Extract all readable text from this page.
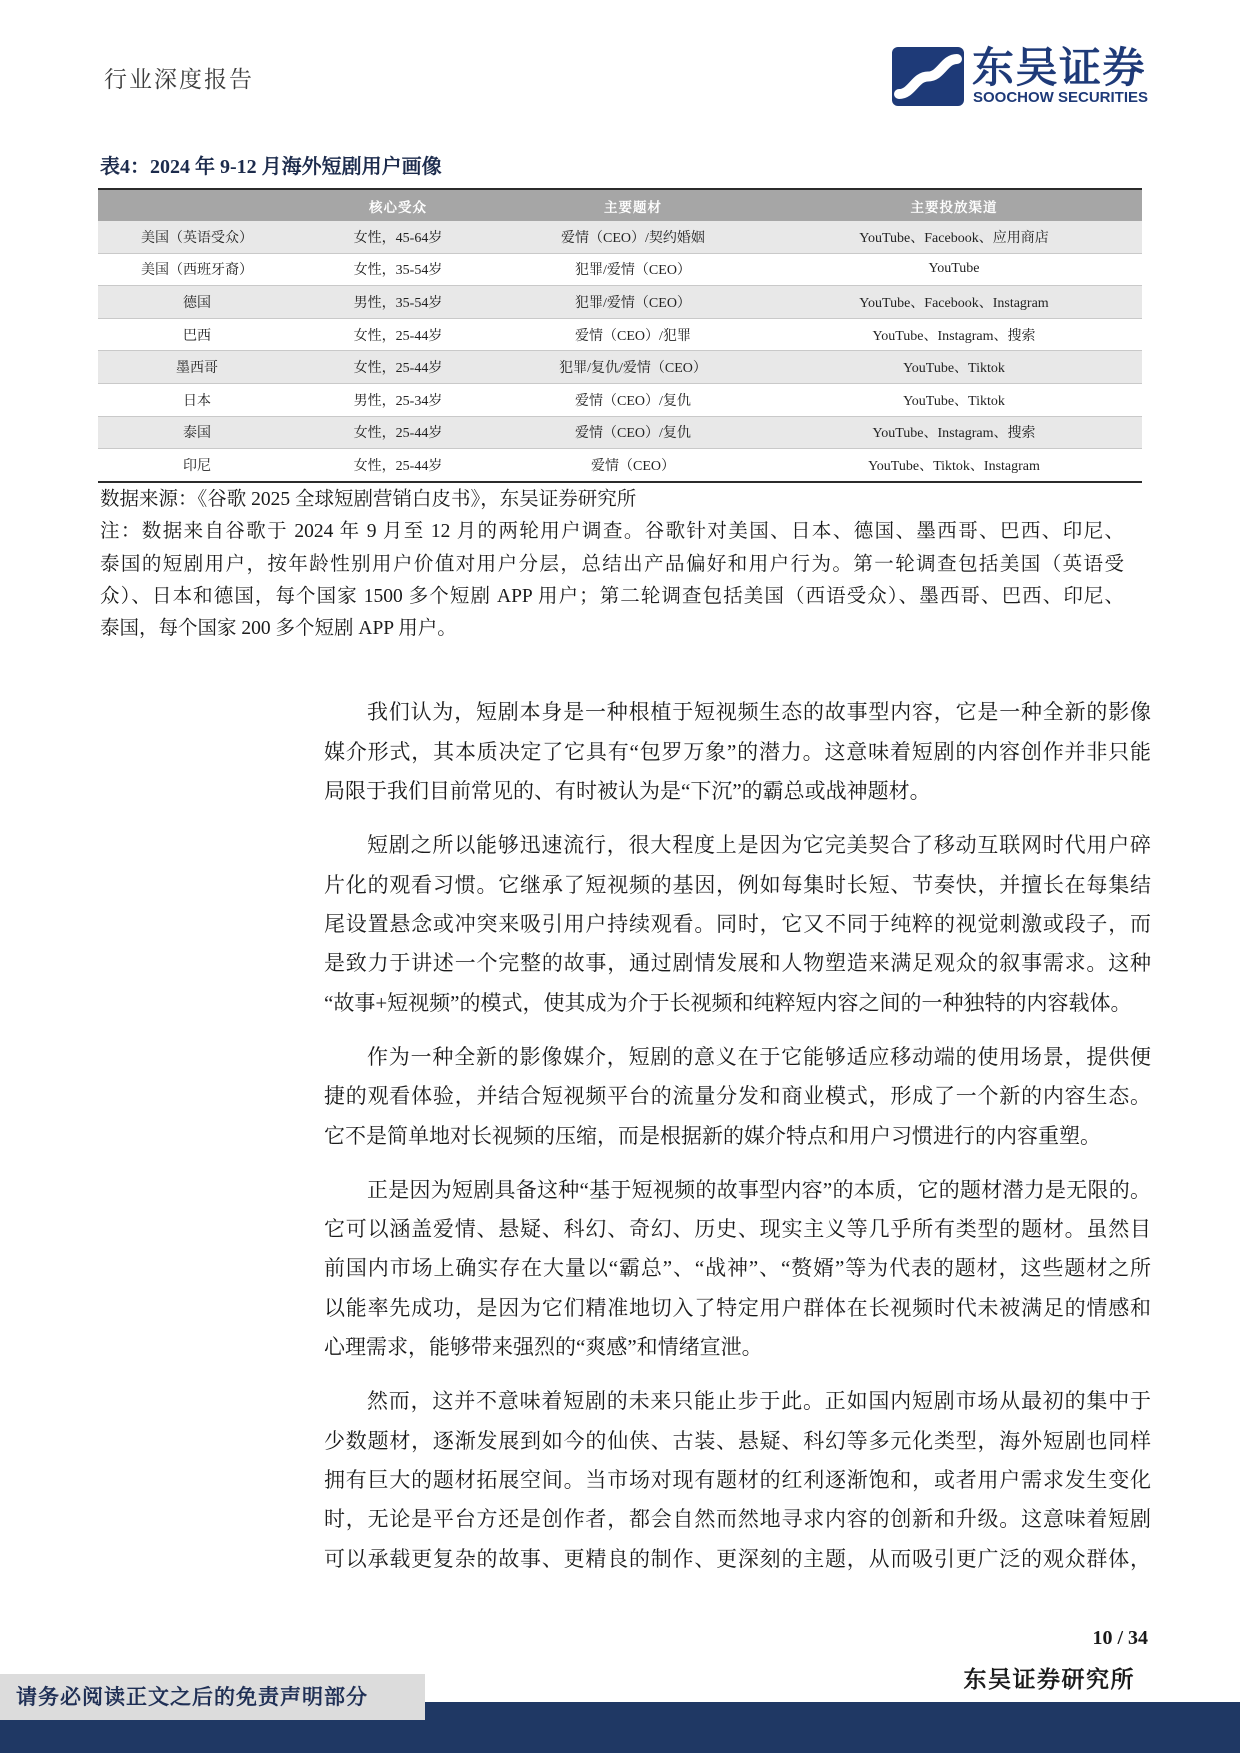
行业深度报告	东吴证券
SOOCHOW SECURITIES
表4：2024 年 9-12 月海外短剧用户画像
	核心受众	主要题材	主要投放渠道
美国（英语受众）	女性，45-64岁	爱情（CEO）/契约婚姻	YouTube、Facebook、应用商店
美国（西班牙裔）	女性，35-54岁	犯罪/爱情（CEO）	YouTube
德国	男性，35-54岁	犯罪/爱情（CEO）	YouTube、Facebook、Instagram
巴西	女性，25-44岁	爱情（CEO）/犯罪	YouTube、Instagram、搜索
墨西哥	女性，25-44岁	犯罪/复仇/爱情（CEO）	YouTube、Tiktok
日本	男性，25-34岁	爱情（CEO）/复仇	YouTube、Tiktok
泰国	女性，25-44岁	爱情（CEO）/复仇	YouTube、Instagram、搜索
印尼	女性，25-44岁	爱情（CEO）	YouTube、Tiktok、Instagram
数据来源：《谷歌 2025 全球短剧营销白皮书》，东吴证券研究所
注：数据来自谷歌于 2024 年 9 月至 12 月的两轮用户调查。谷歌针对美国、日本、德国、墨西哥、巴西、印尼、
泰国的短剧用户，按年龄性别用户价值对用户分层，总结出产品偏好和用户行为。第一轮调查包括美国（英语受
众）、日本和德国，每个国家 1500 多个短剧 APP 用户；第二轮调查包括美国（西语受众）、墨西哥、巴西、印尼、
泰国，每个国家 200 多个短剧 APP 用户。
我们认为，短剧本身是一种根植于短视频生态的故事型内容，它是一种全新的影像
媒介形式，其本质决定了它具有“包罗万象”的潜力。这意味着短剧的内容创作并非只能
局限于我们目前常见的、有时被认为是“下沉”的霸总或战神题材。
短剧之所以能够迅速流行，很大程度上是因为它完美契合了移动互联网时代用户碎
片化的观看习惯。它继承了短视频的基因，例如每集时长短、节奏快，并擅长在每集结
尾设置悬念或冲突来吸引用户持续观看。同时，它又不同于纯粹的视觉刺激或段子，而
是致力于讲述一个完整的故事，通过剧情发展和人物塑造来满足观众的叙事需求。这种
“故事+短视频”的模式，使其成为介于长视频和纯粹短内容之间的一种独特的内容载体。
作为一种全新的影像媒介，短剧的意义在于它能够适应移动端的使用场景，提供便
捷的观看体验，并结合短视频平台的流量分发和商业模式，形成了一个新的内容生态。
它不是简单地对长视频的压缩，而是根据新的媒介特点和用户习惯进行的内容重塑。
正是因为短剧具备这种“基于短视频的故事型内容”的本质，它的题材潜力是无限的。
它可以涵盖爱情、悬疑、科幻、奇幻、历史、现实主义等几乎所有类型的题材。虽然目
前国内市场上确实存在大量以“霸总”、“战神”、“赘婿”等为代表的题材，这些题材之所
以能率先成功，是因为它们精准地切入了特定用户群体在长视频时代未被满足的情感和
心理需求，能够带来强烈的“爽感”和情绪宣泄。
然而，这并不意味着短剧的未来只能止步于此。正如国内短剧市场从最初的集中于
少数题材，逐渐发展到如今的仙侠、古装、悬疑、科幻等多元化类型，海外短剧也同样
拥有巨大的题材拓展空间。当市场对现有题材的红利逐渐饱和，或者用户需求发生变化
时，无论是平台方还是创作者，都会自然而然地寻求内容的创新和升级。这意味着短剧
可以承载更复杂的故事、更精良的制作、更深刻的主题，从而吸引更广泛的观众群体，
10 / 34
东吴证券研究所
请务必阅读正文之后的免责声明部分
